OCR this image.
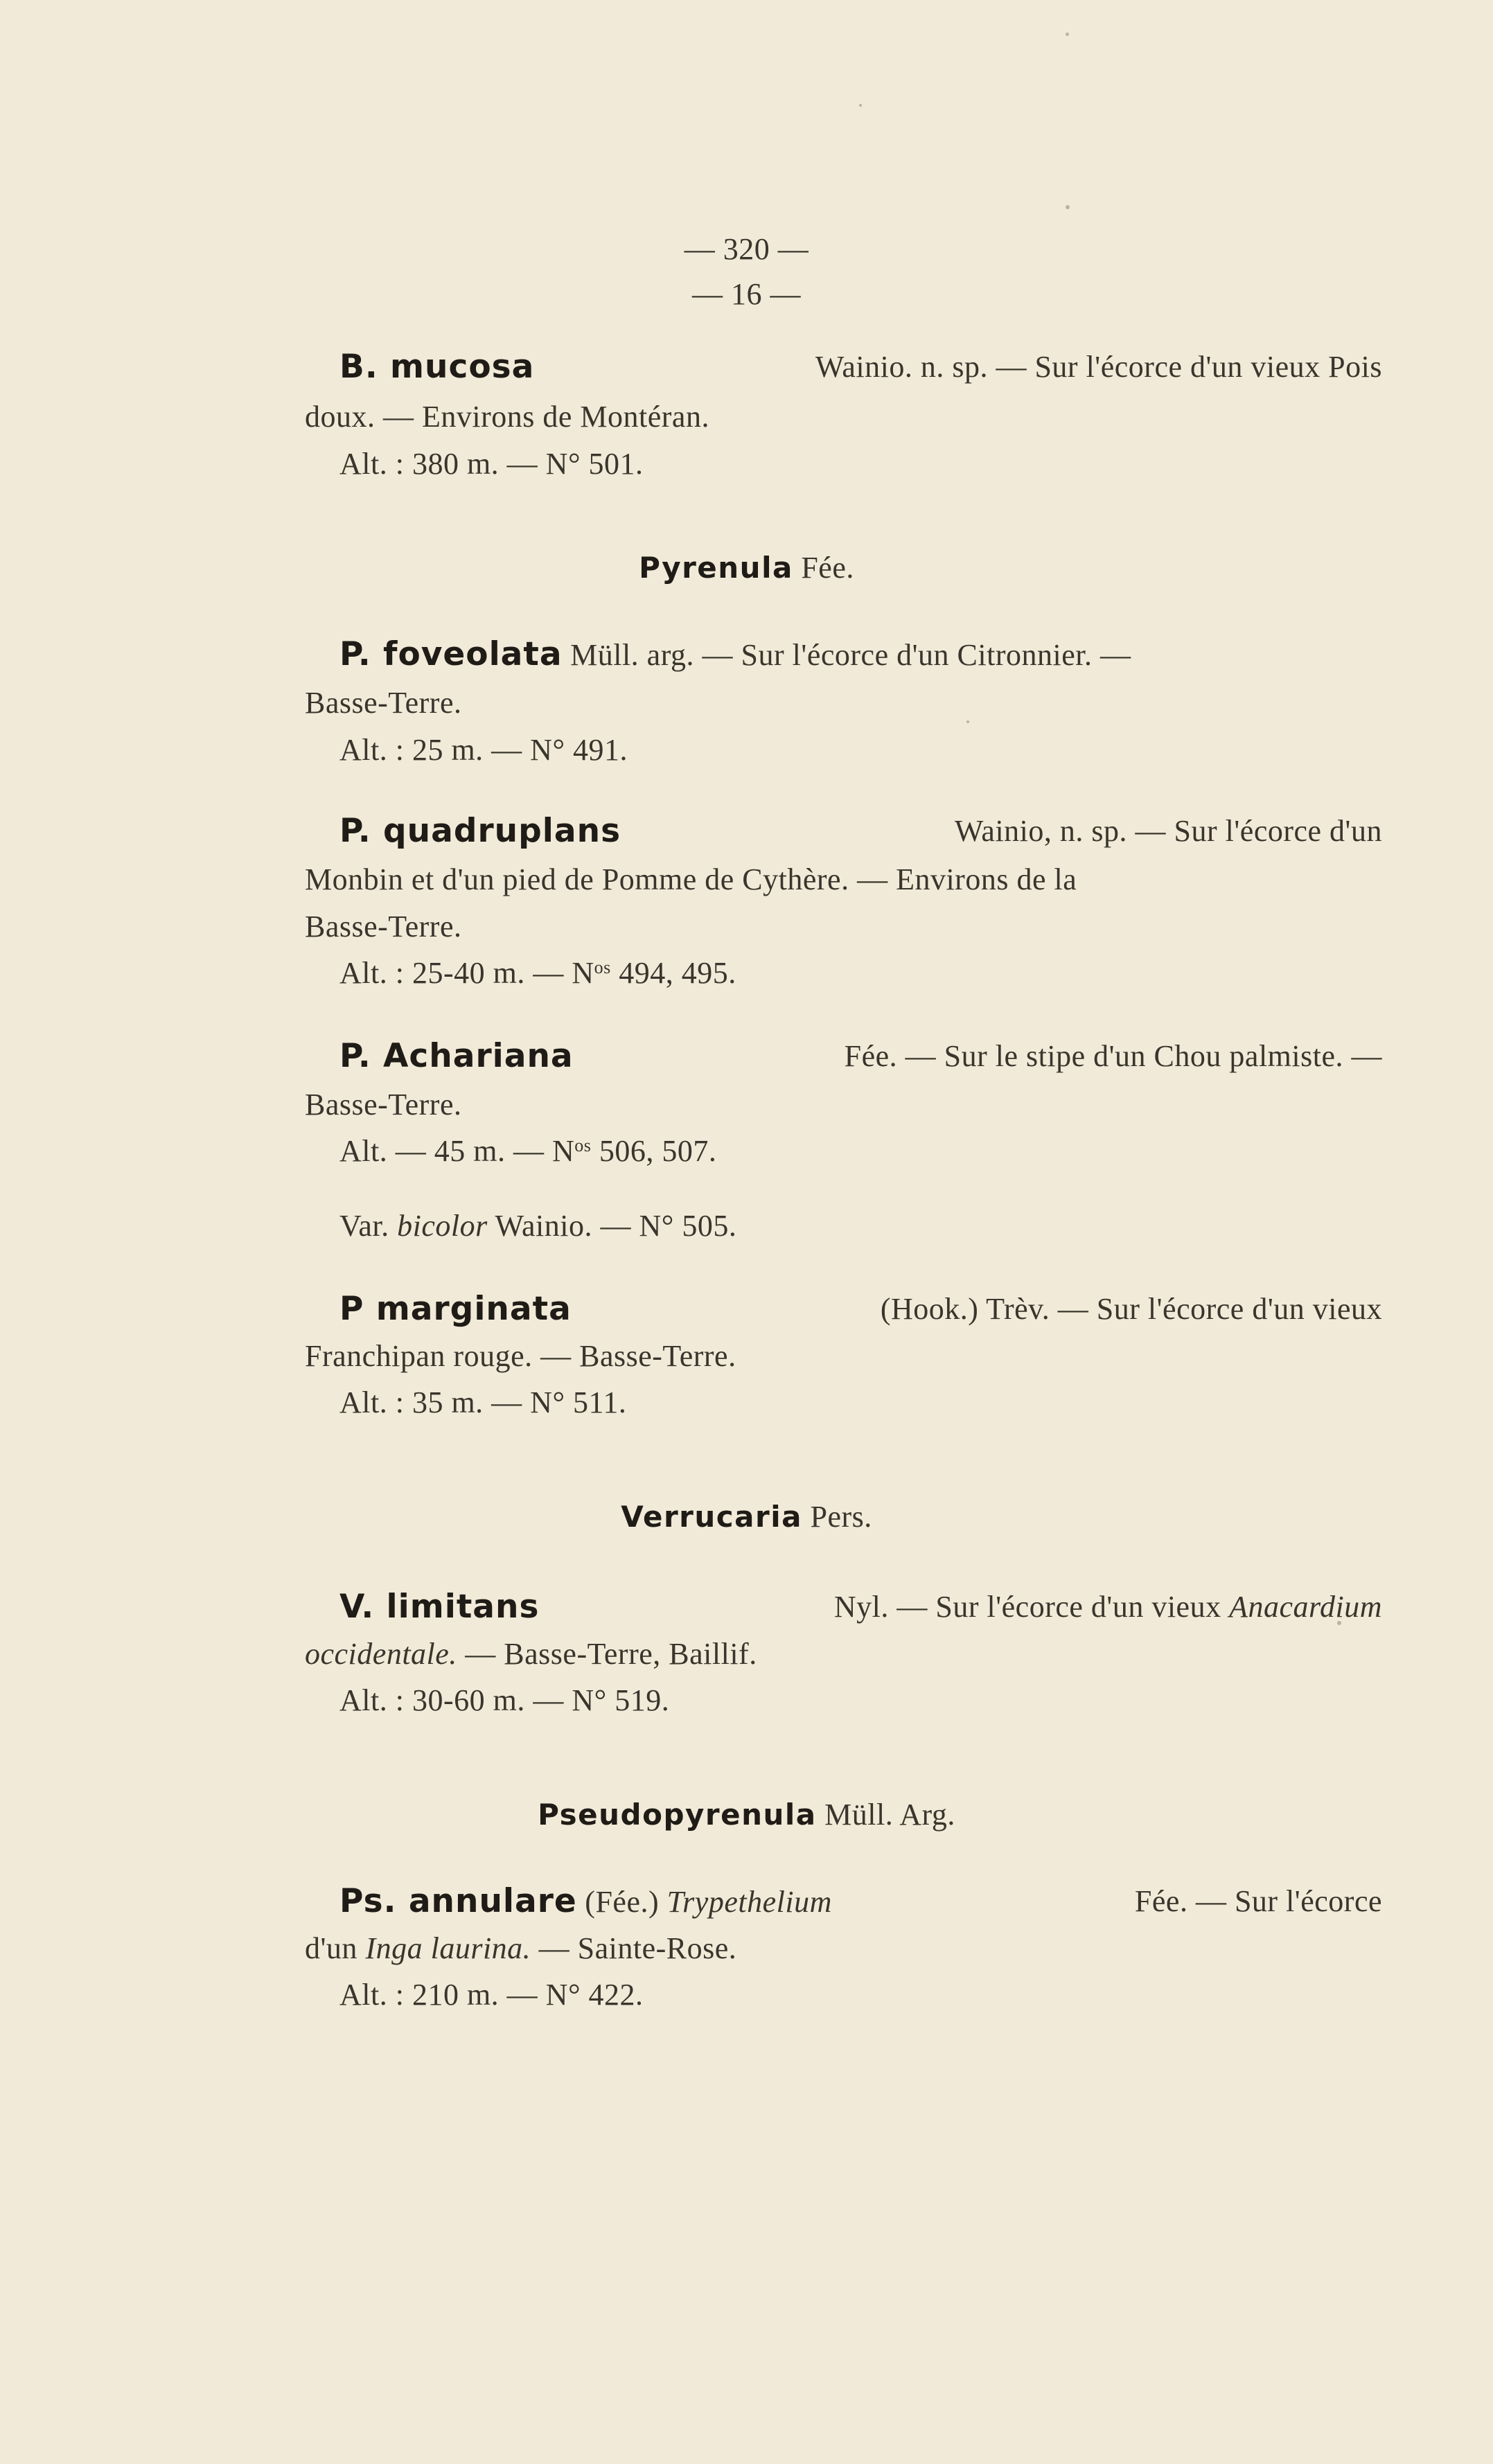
— 320 —
— 16 —
B. mucosa	Wainio. n. sp. — Sur l'écorce d'un vieux Pois
doux. — Environs de Montéran.
Alt. : 380 m. — N° 501.
Pyrenula Fée.
P. foveolata Müll. arg. — Sur l'écorce d'un Citronnier. —
Basse-Terre.
Alt. : 25 m. — N° 491.
P. quadruplans	Wainio, n. sp. — Sur l'écorce d'un
Monbin et d'un pied de Pomme de Cythère. — Environs de la
Basse-Terre.
Alt. : 25-40 m. — $N^{os}$ 494, 495.
P. Achariana	Fée. — Sur le stipe d'un Chou palmiste. —
Basse-Terre.
Alt. — 45 m. — $N^{os}$ 506, 507.
Var. bicolor Wainio. — N° 505.
P marginata	(Hook.) Trèv. — Sur l'écorce d'un vieux
Franchipan rouge. — Basse-Terre.
Alt. : 35 m. — N° 511.
Verrucaria Pers.
V. limitans	Nyl. — Sur l'écorce d'un vieux Anacardium
occidentale. — Basse-Terre, Baillif.
Alt. : 30-60 m. — N° 519.
Pseudopyrenula Müll. Arg.
Ps. annulare (Fée.) Trypethelium	Fée. — Sur l'écorce
d'un Inga laurina. — Sainte-Rose.
Alt. : 210 m. — N° 422.
